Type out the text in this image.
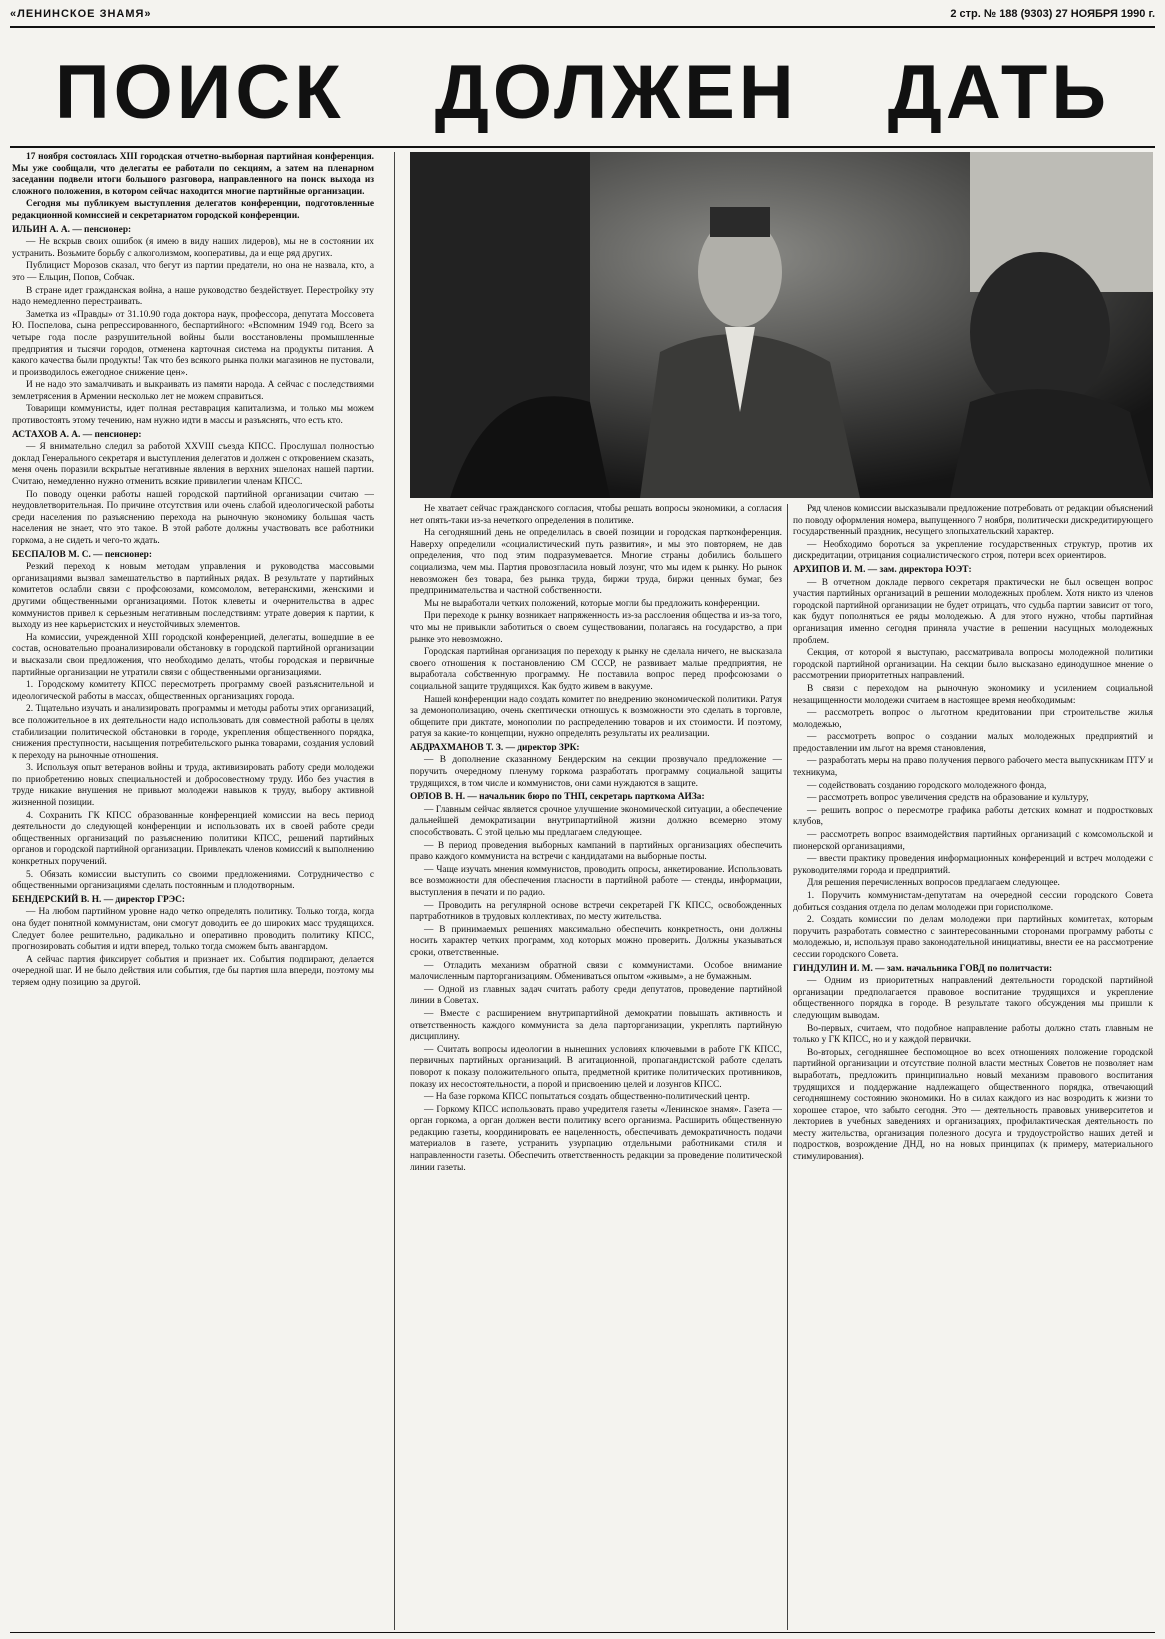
«ЛЕНИНСКОЕ ЗНАМЯ»	2 стр. № 188 (9303) 27 НОЯБРЯ 1990 г.
ПОИСК ДОЛЖЕН ДАТЬ

17 ноября состоялась XIII городская отчетно-выборная партийная конференция. Мы уже сообщали, что делегаты ее работали по секциям, а затем на пленарном заседании подвели итоги большого разговора, направленного на поиск выхода из сложного положения, в котором сейчас находится многие партийные организации.

Сегодня мы публикуем выступления делегатов конференции, подготовленные редакционной комиссией и секретариатом городской конференции.

ИЛЬИН А. А. — пенсионер:

— Не вскрыв своих ошибок (я имею в виду наших лидеров), мы не в состоянии их устранить. Возьмите борьбу с алкоголизмом, кооперативы, да и еще ряд других.

Публицист Морозов сказал, что бегут из партии предатели, но она не назвала, кто, а это — Ельцин, Попов, Собчак.

В стране идет гражданская война, а наше руководство бездействует. Перестройку эту надо немедленно перестраивать.

Заметка из «Правды» от 31.10.90 года доктора наук, профессора, депутата Моссовета Ю. Поспелова, сына репрессированного, беспартийного: «Вспомним 1949 год. Всего за четыре года после разрушительной войны были восстановлены промышленные предприятия и тысячи городов, отменена карточная система на продукты питания. А какого качества были продукты! Так что без всякого рынка полки магазинов не пустовали, и производилось ежегодное снижение цен».

И не надо это замалчивать и выкраивать из памяти народа. А сейчас с последствиями землетрясения в Армении несколько лет не можем справиться.

Товарищи коммунисты, идет полная реставрация капитализма, и только мы можем противостоять этому течению, нам нужно идти в массы и разъяснять, что есть кто.

АСТАХОВ А. А. — пенсионер:

— Я внимательно следил за работой XXVIII съезда КПСС. Прослушал полностью доклад Генерального секретаря и выступления делегатов и должен с откровением сказать, меня очень поразили вскрытые негативные явления в верхних эшелонах нашей партии. Считаю, немедленно нужно отменить всякие привилегии членам КПСС.

По поводу оценки работы нашей городской партийной организации считаю — неудовлетворительная. По причине отсутствия или очень слабой идеологической работы среди населения по разъяснению перехода на рыночную экономику большая часть населения не знает, что это такое. В этой работе должны участвовать все работники горкома, а не сидеть и чего-то ждать.

БЕСПАЛОВ М. С. — пенсионер:

Резкий переход к новым методам управления и руководства массовыми организациями вызвал замешательство в партийных рядах. В результате у партийных комитетов ослабли связи с профсоюзами, комсомолом, ветеранскими, женскими и другими общественными организациями. Поток клеветы и очернительства в адрес коммунистов привел к серьезным негативным последствиям: утрате доверия к партии, к выходу из нее карьеристских и неустойчивых элементов.

На комиссии, учрежденной XIII городской конференцией, делегаты, вошедшие в ее состав, основательно проанализировали обстановку в городской партийной организации и высказали свои предложения, что необходимо делать, чтобы городская и первичные партийные организации не утратили связи с общественными организациями.

1. Городскому комитету КПСС пересмотреть программу своей разъяснительной и идеологической работы в массах, общественных организациях города.

2. Тщательно изучать и анализировать программы и методы работы этих организаций, все положительное в их деятельности надо использовать для совместной работы в целях стабилизации политической обстановки в городе, укрепления общественного порядка, снижения преступности, насыщения потребительского рынка товарами, создания условий к переходу на рыночные отношения.

3. Используя опыт ветеранов войны и труда, активизировать работу среди молодежи по приобретению новых специальностей и добросовестному труду. Ибо без участия в труде никакие внушения не привьют молодежи навыков к труду, выбору активной жизненной позиции.

4. Сохранить ГК КПСС образованные конференцией комиссии на весь период деятельности до следующей конференции и использовать их в своей работе среди общественных организаций по разъяснению политики КПСС, решений партийных органов и городской партийной организации. Привлекать членов комиссий к выполнению конкретных поручений.

5. Обязать комиссии выступить со своими предложениями. Сотрудничество с общественными организациями сделать постоянным и плодотворным.

БЕНДЕРСКИЙ В. Н. — директор ГРЭС:

— На любом партийном уровне надо четко определять политику. Только тогда, когда она будет понятной коммунистам, они смогут доводить ее до широких масс трудящихся. Следует более решительно, радикально и оперативно проводить политику КПСС, прогнозировать события и идти вперед, только тогда сможем быть авангардом.

А сейчас партия фиксирует события и признает их. События подпирают, делается очередной шаг. И не было действия или события, где бы партия шла впереди, поэтому мы теряем одну позицию за другой.

Не хватает сейчас гражданского согласия, чтобы решать вопросы экономики, а согласия нет опять-таки из-за нечеткого определения в политике.

На сегодняшний день не определилась в своей позиции и городская партконференция. Наверху определили «социалистический путь развития», и мы это повторяем, не дав определения, что под этим подразумевается. Многие страны добились большего социализма, чем мы. Партия провозгласила новый лозунг, что мы идем к рынку. Но рынок невозможен без товара, без рынка труда, биржи труда, биржи ценных бумаг, без предпринимательства и частной собственности.

Мы не выработали четких положений, которые могли бы предложить конференции.

При переходе к рынку возникает напряженность из-за расслоения общества и из-за того, что мы не привыкли заботиться о своем существовании, полагаясь на государство, а при рынке это невозможно.

Городская партийная организация по переходу к рынку не сделала ничего, не высказала своего отношения к постановлению СМ СССР, не развивает малые предприятия, не выработала собственную программу. Не поставила вопрос перед профсоюзами о социальной защите трудящихся. Как будто живем в вакууме.

Нашей конференции надо создать комитет по внедрению экономической политики. Ратуя за демонополизацию, очень скептически отношусь к возможности это сделать в торговле, общепите при диктате, монополии по распределению товаров и их стоимости. И поэтому, ратуя за какие-то концепции, нужно определять результаты их реализации.

АБДРАХМАНОВ Т. З. — директор ЗРК:

— В дополнение сказанному Бендерским на секции прозвучало предложение — поручить очередному пленуму горкома разработать программу социальной защиты трудящихся, в том числе и коммунистов, они сами нуждаются в защите.

ОРЛОВ В. Н. — начальник бюро по ТНП, секретарь парткома АИЗа:

— Главным сейчас является срочное улучшение экономической ситуации, а обеспечение дальнейшей демократизации внутрипартийной жизни должно всемерно этому способствовать. С этой целью мы предлагаем следующее.

— В период проведения выборных кампаний в партийных организациях обеспечить право каждого коммуниста на встречи с кандидатами на выборные посты.

— Чаще изучать мнения коммунистов, проводить опросы, анкетирование. Использовать все возможности для обеспечения гласности в партийной работе — стенды, информации, выступления в печати и по радио.

— Проводить на регулярной основе встречи секретарей ГК КПСС, освобожденных партработников в трудовых коллективах, по месту жительства.

— В принимаемых решениях максимально обеспечить конкретность, они должны носить характер четких программ, ход которых можно проверить. Должны указываться сроки, ответственные.

— Отладить механизм обратной связи с коммунистами. Особое внимание малочисленным парторганизациям. Обмениваться опытом «живым», а не бумажным.

— Одной из главных задач считать работу среди депутатов, проведение партийной линии в Советах.

— Вместе с расширением внутрипартийной демократии повышать активность и ответственность каждого коммуниста за дела парторганизации, укреплять партийную дисциплину.

— Считать вопросы идеологии в нынешних условиях ключевыми в работе ГК КПСС, первичных партийных организаций. В агитационной, пропагандистской работе сделать поворот к показу положительного опыта, предметной критике политических противников, показу их несостоятельности, а порой и присвоению целей и лозунгов КПСС.

— На базе горкома КПСС попытаться создать общественно-политический центр.

— Горкому КПСС использовать право учредителя газеты «Ленинское знамя». Газета — орган горкома, а орган должен вести политику всего организма. Расширить общественную редакцию газеты, координировать ее нацеленность, обеспечивать демократичность подачи материалов в газете, устранить узурпацию отдельными работниками стиля и направленности газеты. Обеспечить ответственность редакции за проведение политической линии газеты.

Ряд членов комиссии высказывали предложение потребовать от редакции объяснений по поводу оформления номера, выпущенного 7 ноября, политически дискредитирующего государственный праздник, несущего злопыхательский характер.

— Необходимо бороться за укрепление государственных структур, против их дискредитации, отрицания социалистического строя, потери всех ориентиров.

АРХИПОВ И. М. — зам. директора ЮЭТ:

— В отчетном докладе первого секретаря практически не был освещен вопрос участия партийных организаций в решении молодежных проблем. Хотя никто из членов городской партийной организации не будет отрицать, что судьба партии зависит от того, как будут пополняться ее ряды молодежью. А для этого нужно, чтобы партийная организация именно сегодня приняла участие в решении насущных молодежных проблем.

Секция, от которой я выступаю, рассматривала вопросы молодежной политики городской партийной организации. На секции было высказано единодушное мнение о рассмотрении приоритетных направлений.

В связи с переходом на рыночную экономику и усилением социальной незащищенности молодежи считаем в настоящее время необходимым:

— рассмотреть вопрос о льготном кредитовании при строительстве жилья молодежью,

— рассмотреть вопрос о создании малых молодежных предприятий и предоставлении им льгот на время становления,

— разработать меры на право получения первого рабочего места выпускникам ПТУ и техникума,

— содействовать созданию городского молодежного фонда,

— рассмотреть вопрос увеличения средств на образование и культуру,

— решить вопрос о пересмотре графика работы детских комнат и подростковых клубов,

— рассмотреть вопрос взаимодействия партийных организаций с комсомольской и пионерской организациями,

— ввести практику проведения информационных конференций и встреч молодежи с руководителями города и предприятий.

Для решения перечисленных вопросов предлагаем следующее.

1. Поручить коммунистам-депутатам на очередной сессии городского Совета добиться создания отдела по делам молодежи при горисполкоме.

2. Создать комиссии по делам молодежи при партийных комитетах, которым поручить разработать совместно с заинтересованными сторонами программу работы с молодежью, и, используя право законодательной инициативы, внести ее на рассмотрение сессии городского Совета.

ГИНДУЛИН И. М. — зам. начальника ГОВД по политчасти:

— Одним из приоритетных направлений деятельности городской партийной организации предполагается правовое воспитание трудящихся и укрепление общественного порядка в городе. В результате такого обсуждения мы пришли к следующим выводам.

Во-первых, считаем, что подобное направление работы должно стать главным не только у ГК КПСС, но и у каждой первички.

Во-вторых, сегодняшнее беспомощное во всех отношениях положение городской партийной организации и отсутствие полной власти местных Советов не позволяет нам выработать, предложить принципиально новый механизм правового воспитания трудящихся и поддержание надлежащего общественного порядка, отвечающий сегодняшнему состоянию экономики. Но в силах каждого из нас возродить к жизни то хорошее старое, что забыто сегодня. Это — деятельность правовых университетов и лекториев в учебных заведениях и организациях, профилактическая деятельность по месту жительства, организация полезного досуга и трудоустройство наших детей и подростков, возрождение ДНД, но на новых принципах (к примеру, материального стимулирования).
